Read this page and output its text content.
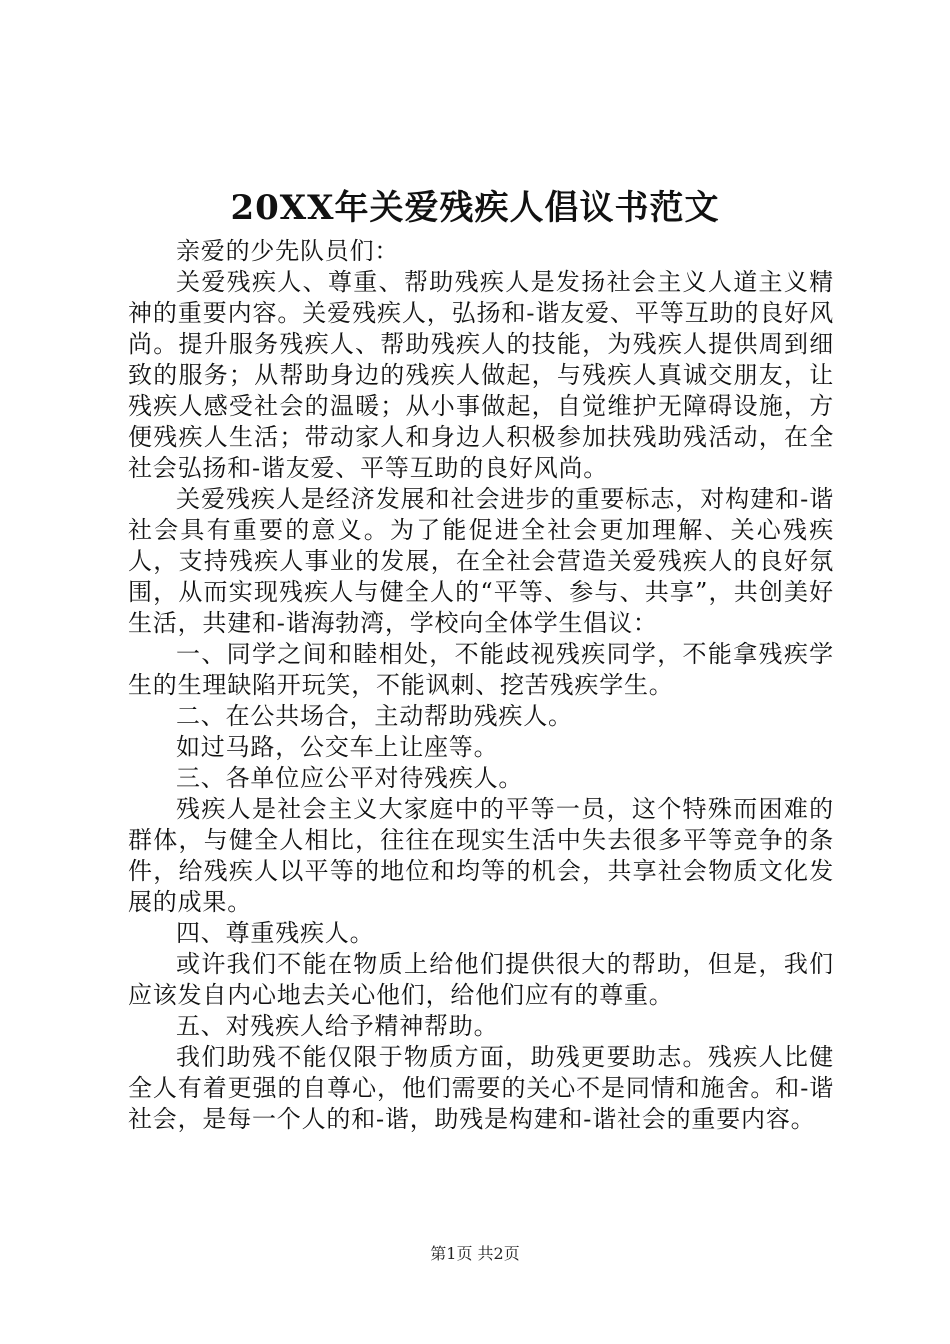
20XX年关爱残疾人倡议书范文

亲爱的少先队员们：

关爱残疾人、尊重、帮助残疾人是发扬社会主义人道主义精神的重要内容。关爱残疾人，弘扬和-谐友爱、平等互助的良好风尚。提升服务残疾人、帮助残疾人的技能，为残疾人提供周到细致的服务；从帮助身边的残疾人做起，与残疾人真诚交朋友，让残疾人感受社会的温暖；从小事做起，自觉维护无障碍设施，方便残疾人生活；带动家人和身边人积极参加扶残助残活动，在全社会弘扬和-谐友爱、平等互助的良好风尚。

关爱残疾人是经济发展和社会进步的重要标志，对构建和-谐社会具有重要的意义。为了能促进全社会更加理解、关心残疾人，支持残疾人事业的发展，在全社会营造关爱残疾人的良好氛围，从而实现残疾人与健全人的“平等、参与、共享”，共创美好生活，共建和-谐海勃湾，学校向全体学生倡议：

一、同学之间和睦相处，不能歧视残疾同学，不能拿残疾学生的生理缺陷开玩笑，不能讽刺、挖苦残疾学生。

二、在公共场合，主动帮助残疾人。

如过马路，公交车上让座等。

三、各单位应公平对待残疾人。

残疾人是社会主义大家庭中的平等一员，这个特殊而困难的群体，与健全人相比，往往在现实生活中失去很多平等竞争的条件，给残疾人以平等的地位和均等的机会，共享社会物质文化发展的成果。

四、尊重残疾人。

或许我们不能在物质上给他们提供很大的帮助，但是，我们应该发自内心地去关心他们，给他们应有的尊重。

五、对残疾人给予精神帮助。

我们助残不能仅限于物质方面，助残更要助志。残疾人比健全人有着更强的自尊心，他们需要的关心不是同情和施舍。和-谐社会，是每一个人的和-谐，助残是构建和-谐社会的重要内容。

第1页 共2页
